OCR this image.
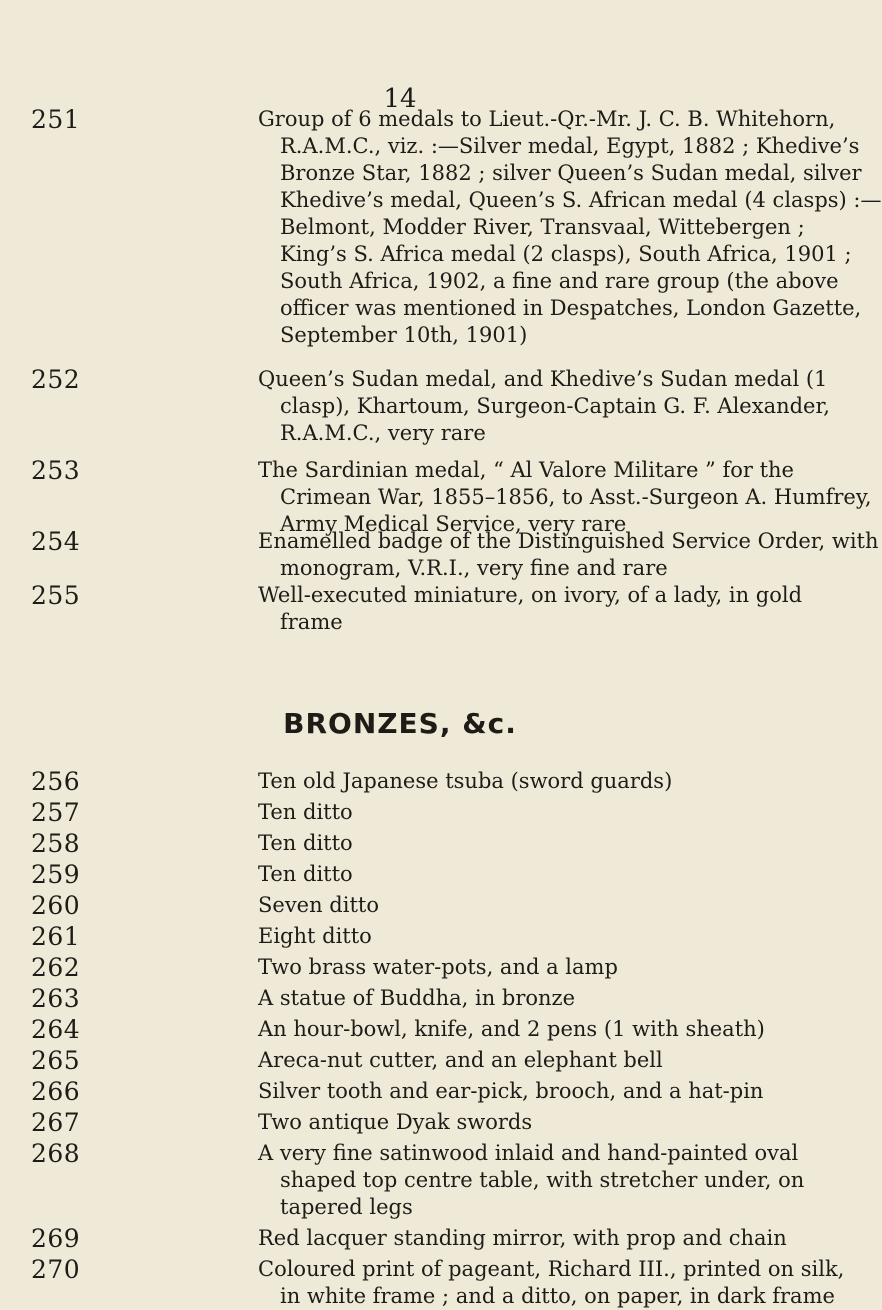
14
251	Group of 6 medals to Lieut.-Qr.-Mr. J. C. B. Whitehorn,
R.A.M.C., viz. :—Silver medal, Egypt, 1882 ; Khedive’s
Bronze Star, 1882 ; silver Queen’s Sudan medal, silver
Khedive’s medal, Queen’s S. African medal (4 clasps) :—
Belmont, Modder River, Transvaal, Wittebergen ;
King’s S. Africa medal (2 clasps), South Africa, 1901 ;
South Africa, 1902, a fine and rare group (the above
officer was mentioned in Despatches, London Gazette,
September 10th, 1901)
252	Queen’s Sudan medal, and Khedive’s Sudan medal (1
clasp), Khartoum, Surgeon-Captain G. F. Alexander,
R.A.M.C., very rare
253	The Sardinian medal, “ Al Valore Militare ” for the
Crimean War, 1855–1856, to Asst.-Surgeon A. Humfrey,
Army Medical Service, very rare
254	Enamelled badge of the Distinguished Service Order, with
monogram, V.R.I., very fine and rare
255	Well-executed miniature, on ivory, of a lady, in gold
frame
BRONZES, &c.
256	Ten old Japanese tsuba (sword guards)
257	Ten ditto
258	Ten ditto
259	Ten ditto
260	Seven ditto
261	Eight ditto
262	Two brass water-pots, and a lamp
263	A statue of Buddha, in bronze
264	An hour-bowl, knife, and 2 pens (1 with sheath)
265	Areca-nut cutter, and an elephant bell
266	Silver tooth and ear-pick, brooch, and a hat-pin
267	Two antique Dyak swords
268	A very fine satinwood inlaid and hand-painted oval
shaped top centre table, with stretcher under, on
tapered legs
269	Red lacquer standing mirror, with prop and chain
270	Coloured print of pageant, Richard III., printed on silk,
in white frame ; and a ditto, on paper, in dark frame
